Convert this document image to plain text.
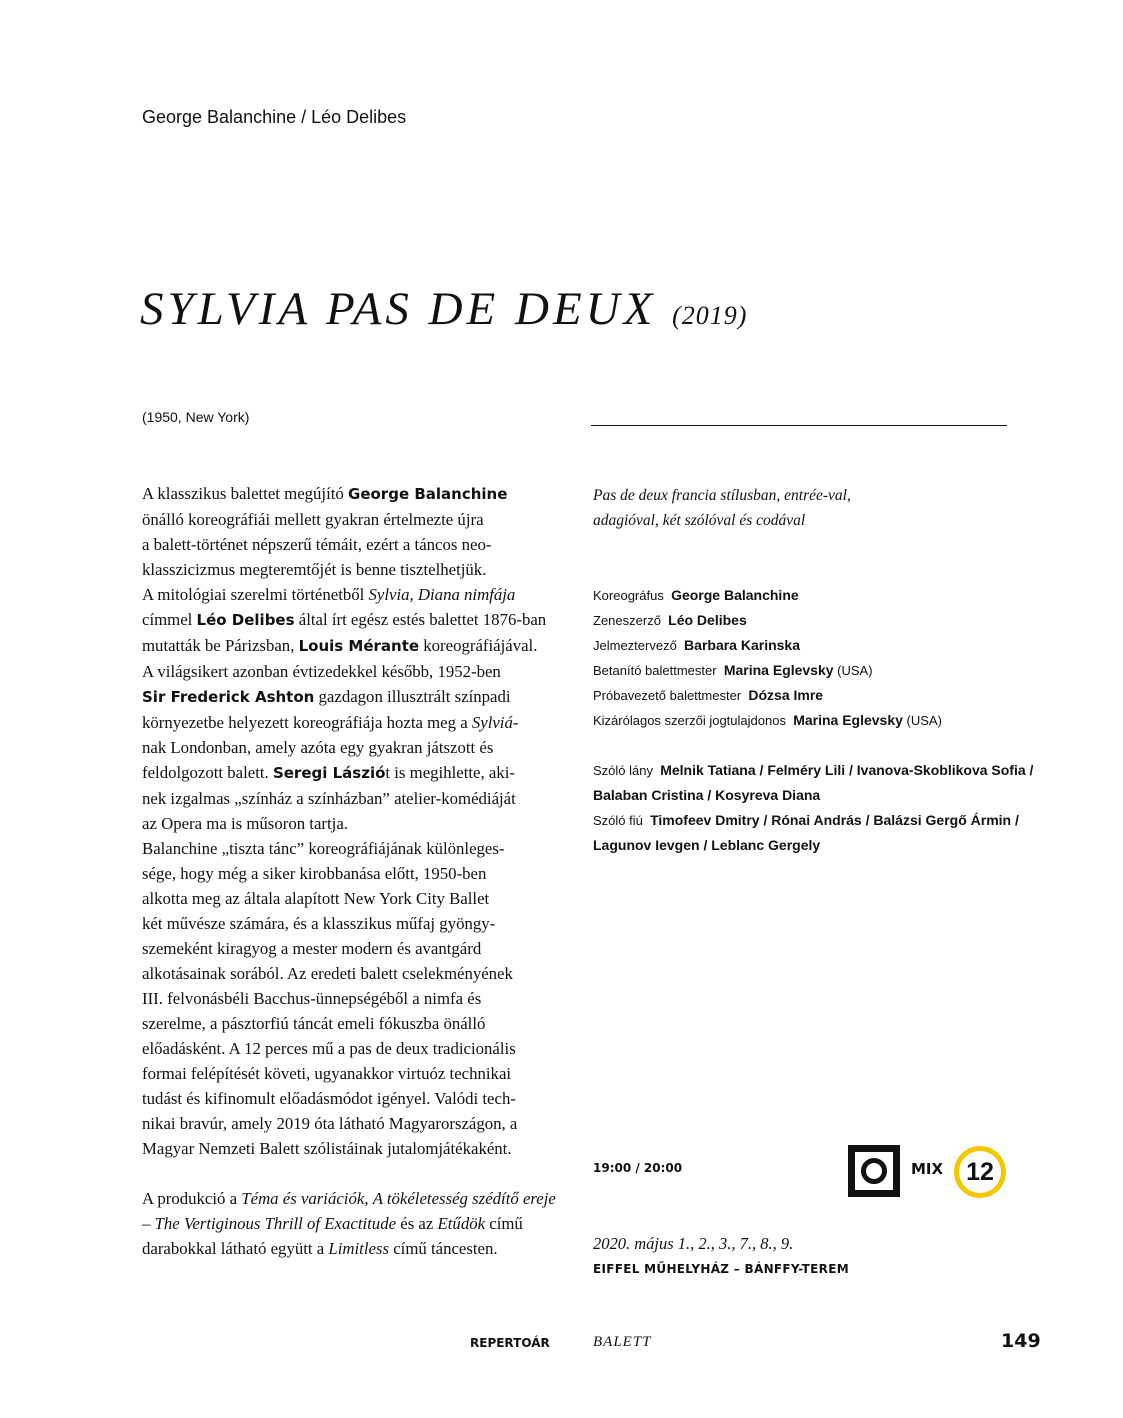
George Balanchine / Léo Delibes
SYLVIA PAS DE DEUX (2019)
(1950, New York)
A klasszikus balettet megújító George Balanchine
önálló koreográfiái mellett gyakran értelmezte újra
a balett-történet népszerű témáit, ezért a táncos neo-
klasszicizmus megteremtőjét is benne tisztelhetjük.
A mitológiai szerelmi történetből Sylvia, Diana nimfája
címmel Léo Delibes által írt egész estés balettet 1876-ban
mutatták be Párizsban, Louis Mérante koreográfiájával.
A világsikert azonban évtizedekkel később, 1952-ben
Sir Frederick Ashton gazdagon illusztrált színpadi
környezetbe helyezett koreográfiája hozta meg a Sylviá-
nak Londonban, amely azóta egy gyakran játszott és
feldolgozott balett. Seregi Lásziót is megihlette, aki-
nek izgalmas „színház a színházban” atelier-komédiáját
az Opera ma is műsoron tartja.
Balanchine „tiszta tánc” koreográfiájának különleges-
sége, hogy még a siker kirobbanása előtt, 1950-ben
alkotta meg az általa alapított New York City Ballet
két művésze számára, és a klasszikus műfaj gyöngy-
szemeként kiragyog a mester modern és avantgárd
alkotásainak sorából. Az eredeti balett cselekményének
III. felvonásbéli Bacchus-ünnepségéből a nimfa és
szerelme, a pásztorfiú táncát emeli fókuszba önálló
előadásként. A 12 perces mű a pas de deux tradicionális
formai felépítését követi, ugyanakkor virtuóz technikai
tudást és kifinomult előadásmódot igényel. Valódi tech-
nikai bravúr, amely 2019 óta látható Magyarországon, a
Magyar Nemzeti Balett szólistáinak jutalomjátékaként.
A produkció a Téma és variációk, A tökéletesség szédítő ereje
– The Vertiginous Thrill of Exactitude és az Etűdök című
darabokkal látható együtt a Limitless című táncesten.
Pas de deux francia stílusban, entrée-val,
adagióval, két szólóval és codával
Koreográfus George Balanchine
Zeneszerző Léo Delibes
Jelmeztervező Barbara Karinska
Betanító balettmester Marina Eglevsky (USA)
Próbavezető balettmester Dózsa Imre
Kizárólagos szerzői jogtulajdonos Marina Eglevsky (USA)
Szóló lány Melnik Tatiana / Felméry Lili / Ivanova-Skoblikova Sofia /
Balaban Cristina / Kosyreva Diana
Szóló fiú Timofeev Dmitry / Rónai András / Balázsi Gergő Ármin /
Lagunov Ievgen / Leblanc Gergely
19:00 / 20:00	MIX 12
2020. május 1., 2., 3., 7., 8., 9.
EIFFEL MŰHELYHÁZ – BÁNFFY-TEREM
REPERTOÁR	BALETT	149
